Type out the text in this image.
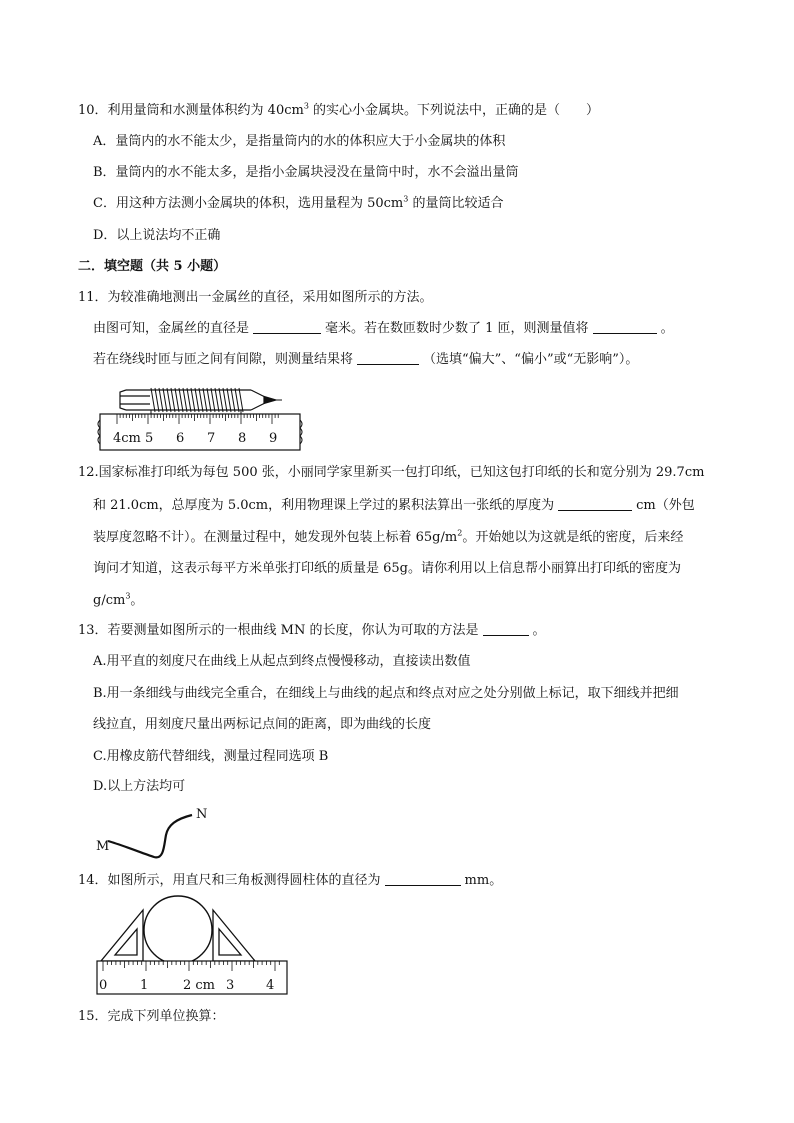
10．利用量筒和水测量体积约为 $40cm^3$ 的实心小金属块。下列说法中，正确的是（　　）
A．量筒内的水不能太少，是指量筒内的水的体积应大于小金属块的体积
B．量筒内的水不能太多，是指小金属块浸没在量筒中时，水不会溢出量筒
C．用这种方法测小金属块的体积，选用量程为 $50cm^3$ 的量筒比较适合
D．以上说法均不正确
二．填空题（共 5 小题）
11．为较准确地测出一金属丝的直径，采用如图所示的方法。
由图可知，金属丝的直径是	毫米。若在数匝数时少数了 1 匝，则测量值将	。
若在绕线时匝与匝之间有间隙，则测量结果将	（选填“偏大”、“偏小”或“无影响”）。
4cm 5 6 7 8 9
12.国家标准打印纸为每包 500 张，小丽同学家里新买一包打印纸，已知这包打印纸的长和宽分别为 29.7cm
和 21.0cm，总厚度为 5.0cm，利用物理课上学过的累积法算出一张纸的厚度为	cm（外包
装厚度忽略不计）。在测量过程中，她发现外包装上标着 $65g/m^2$。开始她以为这就是纸的密度，后来经
询问才知道，这表示每平方米单张打印纸的质量是 65g。请你利用以上信息帮小丽算出打印纸的密度为
$g/cm^3$。
13．若要测量如图所示的一根曲线 MN 的长度，你认为可取的方法是	。
A.用平直的刻度尺在曲线上从起点到终点慢慢移动，直接读出数值
B.用一条细线与曲线完全重合，在细线上与曲线的起点和终点对应之处分别做上标记，取下细线并把细
线拉直，用刻度尺量出两标记点间的距离，即为曲线的长度
C.用橡皮筋代替细线，测量过程同选项 B
D.以上方法均可
M
N
14．如图所示，用直尺和三角板测得圆柱体的直径为	mm。
0	1	2 cm 3 4
15．完成下列单位换算：
